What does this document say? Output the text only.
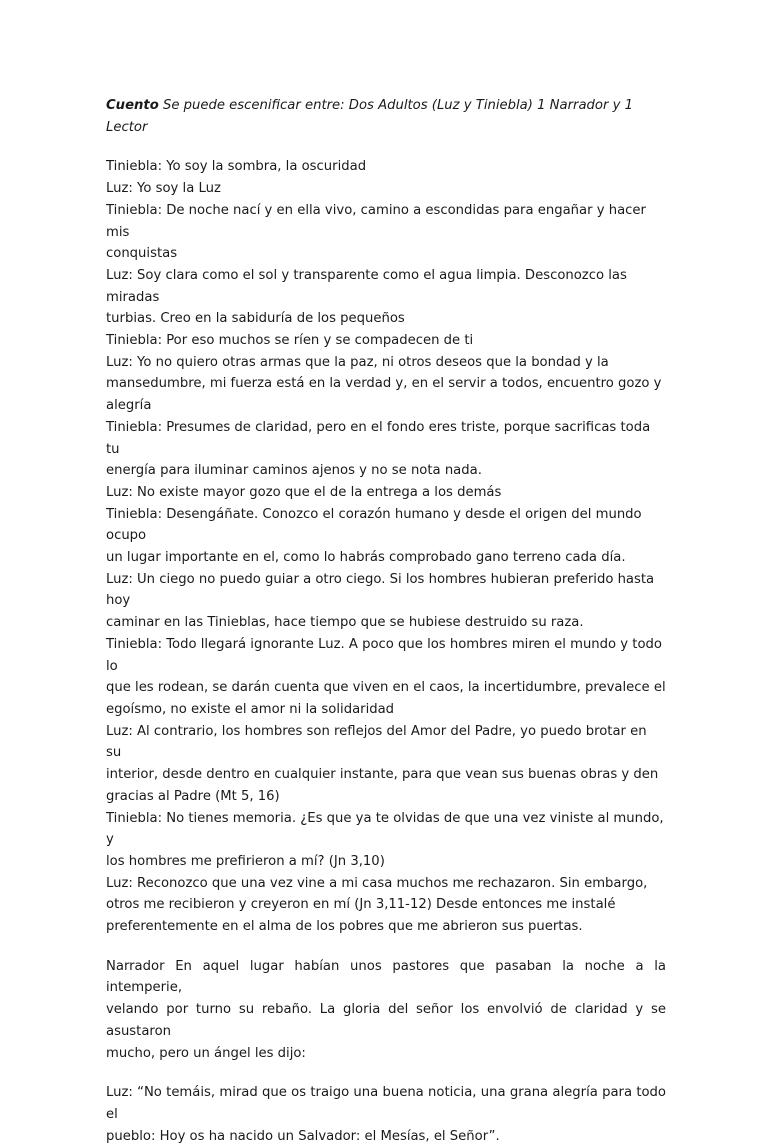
Cuento Se puede escenificar entre: Dos Adultos (Luz y Tiniebla) 1 Narrador y 1 Lector

Tiniebla: Yo soy la sombra, la oscuridad

Luz: Yo soy la Luz

Tiniebla: De noche nací y en ella vivo, camino a escondidas para engañar y hacer mis

conquistas

Luz: Soy clara como el sol y transparente como el agua limpia. Desconozco las miradas

turbias. Creo en la sabiduría de los pequeños

Tiniebla: Por eso muchos se ríen y se compadecen de ti

Luz: Yo no quiero otras armas que la paz, ni otros deseos que la bondad y la

mansedumbre, mi fuerza está en la verdad y, en el servir a todos, encuentro gozo y

alegría

Tiniebla: Presumes de claridad, pero en el fondo eres triste, porque sacrificas toda tu

energía para iluminar caminos ajenos y no se nota nada.

Luz: No existe mayor gozo que el de la entrega a los demás

Tiniebla: Desengáñate. Conozco el corazón humano y desde el origen del mundo ocupo

un lugar importante en el, como lo habrás comprobado gano terreno cada día.

Luz: Un ciego no puedo guiar a otro ciego. Si los hombres hubieran preferido hasta hoy

caminar en las Tinieblas, hace tiempo que se hubiese destruido su raza.

Tiniebla: Todo llegará ignorante Luz. A poco que los hombres miren el mundo y todo lo

que les rodean, se darán cuenta que viven en el caos, la incertidumbre, prevalece el

egoísmo, no existe el amor ni la solidaridad

Luz: Al contrario, los hombres son reflejos del Amor del Padre, yo puedo brotar en su

interior, desde dentro en cualquier instante, para que vean sus buenas obras y den

gracias al Padre (Mt 5, 16)

Tiniebla: No tienes memoria. ¿Es que ya te olvidas de que una vez viniste al mundo, y

los hombres me prefirieron a mí? (Jn 3,10)

Luz: Reconozco que una vez vine a mi casa muchos me rechazaron. Sin embargo,

otros me recibieron y creyeron en mí (Jn 3,11-12) Desde entonces me instalé

preferentemente en el alma de los pobres que me abrieron sus puertas.

Narrador En aquel lugar habían unos pastores que pasaban la noche a la intemperie,
velando por turno su rebaño. La gloria del señor los envolvió de claridad y se asustaron
mucho, pero un ángel les dijo:

Luz: “No temáis, mirad que os traigo una buena noticia, una grana alegría para todo el
pueblo: Hoy os ha nacido un Salvador: el Mesías, el Señor”.
